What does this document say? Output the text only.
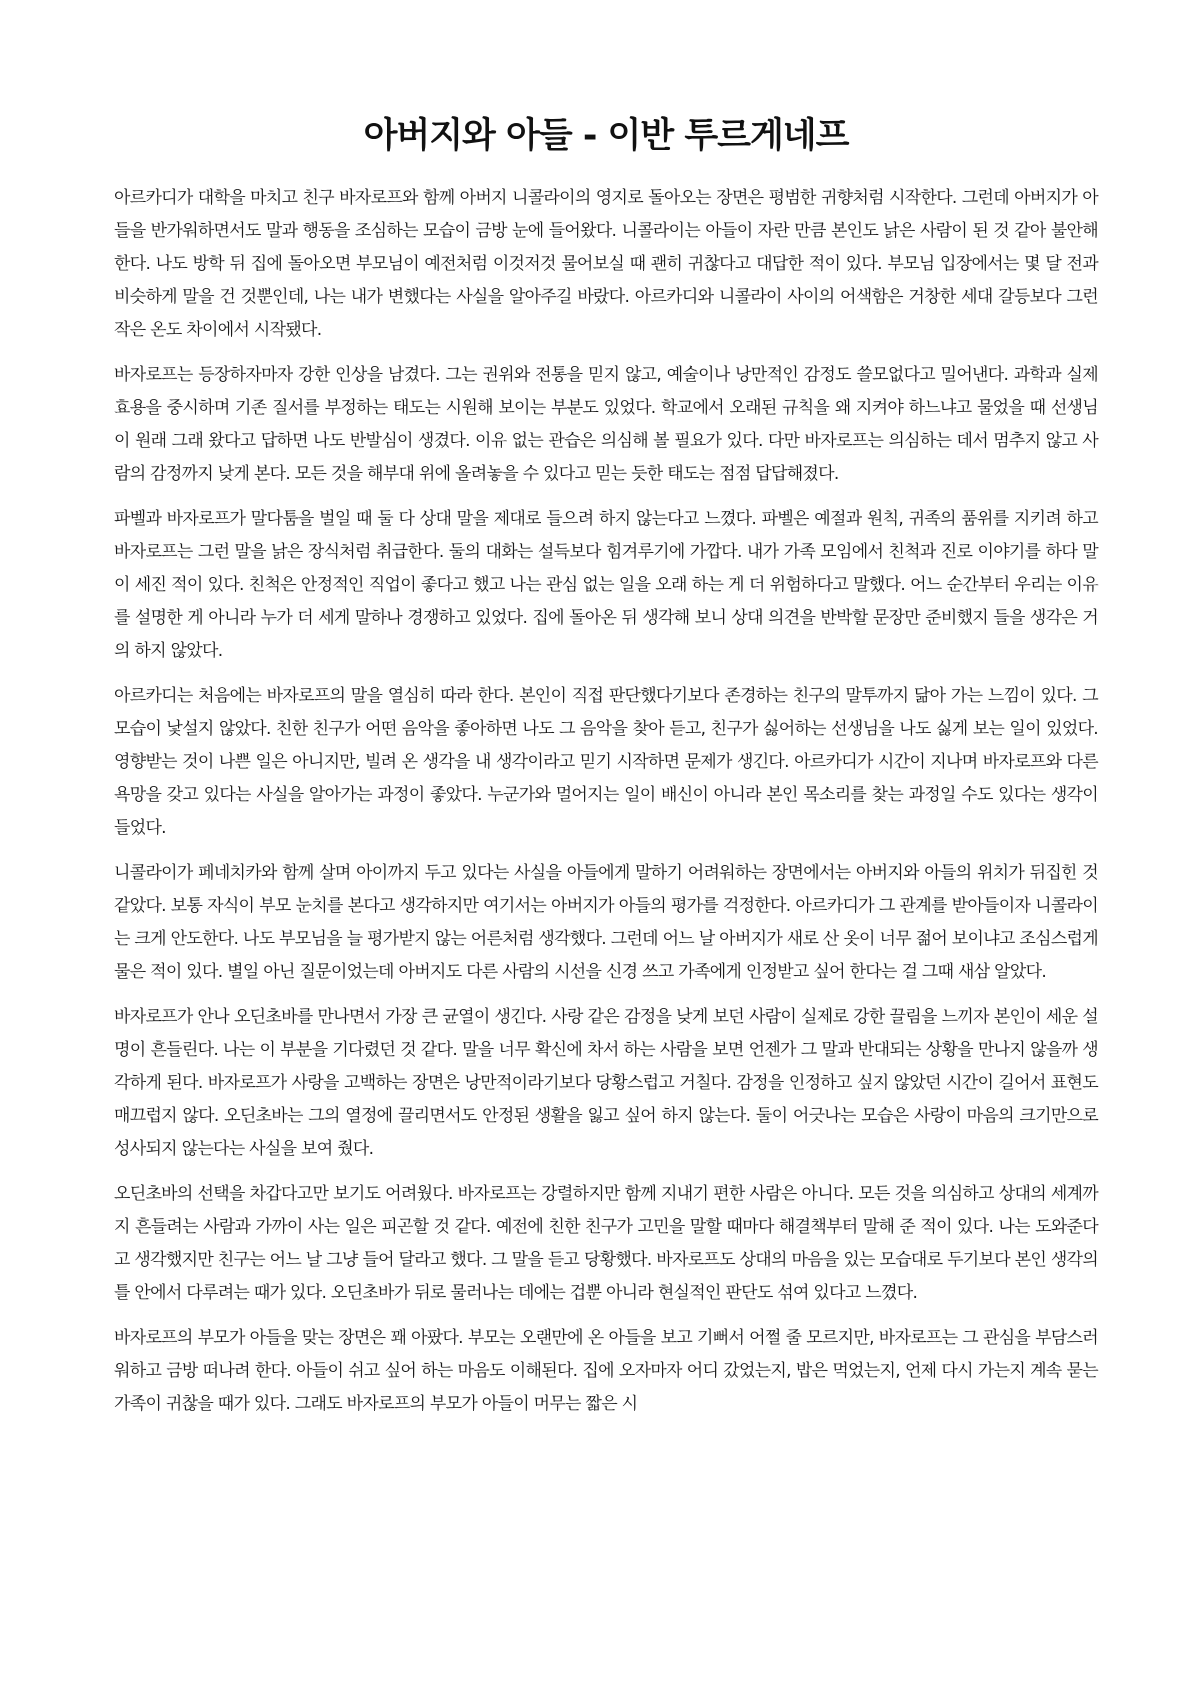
아버지와 아들 - 이반 투르게네프

아르카디가 대학을 마치고 친구 바자로프와 함께 아버지 니콜라이의 영지로 돌아오는 장면은 평범한 귀향처럼 시작한다. 그런데 아버지가 아들을 반가워하면서도 말과 행동을 조심하는 모습이 금방 눈에 들어왔다. 니콜라이는 아들이 자란 만큼 본인도 낡은 사람이 된 것 같아 불안해한다. 나도 방학 뒤 집에 돌아오면 부모님이 예전처럼 이것저것 물어보실 때 괜히 귀찮다고 대답한 적이 있다. 부모님 입장에서는 몇 달 전과 비슷하게 말을 건 것뿐인데, 나는 내가 변했다는 사실을 알아주길 바랐다. 아르카디와 니콜라이 사이의 어색함은 거창한 세대 갈등보다 그런 작은 온도 차이에서 시작됐다.

바자로프는 등장하자마자 강한 인상을 남겼다. 그는 권위와 전통을 믿지 않고, 예술이나 낭만적인 감정도 쓸모없다고 밀어낸다. 과학과 실제 효용을 중시하며 기존 질서를 부정하는 태도는 시원해 보이는 부분도 있었다. 학교에서 오래된 규칙을 왜 지켜야 하느냐고 물었을 때 선생님이 원래 그래 왔다고 답하면 나도 반발심이 생겼다. 이유 없는 관습은 의심해 볼 필요가 있다. 다만 바자로프는 의심하는 데서 멈추지 않고 사람의 감정까지 낮게 본다. 모든 것을 해부대 위에 올려놓을 수 있다고 믿는 듯한 태도는 점점 답답해졌다.

파벨과 바자로프가 말다툼을 벌일 때 둘 다 상대 말을 제대로 들으려 하지 않는다고 느꼈다. 파벨은 예절과 원칙, 귀족의 품위를 지키려 하고 바자로프는 그런 말을 낡은 장식처럼 취급한다. 둘의 대화는 설득보다 힘겨루기에 가깝다. 내가 가족 모임에서 친척과 진로 이야기를 하다 말이 세진 적이 있다. 친척은 안정적인 직업이 좋다고 했고 나는 관심 없는 일을 오래 하는 게 더 위험하다고 말했다. 어느 순간부터 우리는 이유를 설명한 게 아니라 누가 더 세게 말하나 경쟁하고 있었다. 집에 돌아온 뒤 생각해 보니 상대 의견을 반박할 문장만 준비했지 들을 생각은 거의 하지 않았다.

아르카디는 처음에는 바자로프의 말을 열심히 따라 한다. 본인이 직접 판단했다기보다 존경하는 친구의 말투까지 닮아 가는 느낌이 있다. 그 모습이 낯설지 않았다. 친한 친구가 어떤 음악을 좋아하면 나도 그 음악을 찾아 듣고, 친구가 싫어하는 선생님을 나도 싫게 보는 일이 있었다. 영향받는 것이 나쁜 일은 아니지만, 빌려 온 생각을 내 생각이라고 믿기 시작하면 문제가 생긴다. 아르카디가 시간이 지나며 바자로프와 다른 욕망을 갖고 있다는 사실을 알아가는 과정이 좋았다. 누군가와 멀어지는 일이 배신이 아니라 본인 목소리를 찾는 과정일 수도 있다는 생각이 들었다.

니콜라이가 페네치카와 함께 살며 아이까지 두고 있다는 사실을 아들에게 말하기 어려워하는 장면에서는 아버지와 아들의 위치가 뒤집힌 것 같았다. 보통 자식이 부모 눈치를 본다고 생각하지만 여기서는 아버지가 아들의 평가를 걱정한다. 아르카디가 그 관계를 받아들이자 니콜라이는 크게 안도한다. 나도 부모님을 늘 평가받지 않는 어른처럼 생각했다. 그런데 어느 날 아버지가 새로 산 옷이 너무 젊어 보이냐고 조심스럽게 물은 적이 있다. 별일 아닌 질문이었는데 아버지도 다른 사람의 시선을 신경 쓰고 가족에게 인정받고 싶어 한다는 걸 그때 새삼 알았다.

바자로프가 안나 오딘초바를 만나면서 가장 큰 균열이 생긴다. 사랑 같은 감정을 낮게 보던 사람이 실제로 강한 끌림을 느끼자 본인이 세운 설명이 흔들린다. 나는 이 부분을 기다렸던 것 같다. 말을 너무 확신에 차서 하는 사람을 보면 언젠가 그 말과 반대되는 상황을 만나지 않을까 생각하게 된다. 바자로프가 사랑을 고백하는 장면은 낭만적이라기보다 당황스럽고 거칠다. 감정을 인정하고 싶지 않았던 시간이 길어서 표현도 매끄럽지 않다. 오딘초바는 그의 열정에 끌리면서도 안정된 생활을 잃고 싶어 하지 않는다. 둘이 어긋나는 모습은 사랑이 마음의 크기만으로 성사되지 않는다는 사실을 보여 줬다.

오딘초바의 선택을 차갑다고만 보기도 어려웠다. 바자로프는 강렬하지만 함께 지내기 편한 사람은 아니다. 모든 것을 의심하고 상대의 세계까지 흔들려는 사람과 가까이 사는 일은 피곤할 것 같다. 예전에 친한 친구가 고민을 말할 때마다 해결책부터 말해 준 적이 있다. 나는 도와준다고 생각했지만 친구는 어느 날 그냥 들어 달라고 했다. 그 말을 듣고 당황했다. 바자로프도 상대의 마음을 있는 모습대로 두기보다 본인 생각의 틀 안에서 다루려는 때가 있다. 오딘초바가 뒤로 물러나는 데에는 겁뿐 아니라 현실적인 판단도 섞여 있다고 느꼈다.

바자로프의 부모가 아들을 맞는 장면은 꽤 아팠다. 부모는 오랜만에 온 아들을 보고 기뻐서 어쩔 줄 모르지만, 바자로프는 그 관심을 부담스러워하고 금방 떠나려 한다. 아들이 쉬고 싶어 하는 마음도 이해된다. 집에 오자마자 어디 갔었는지, 밥은 먹었는지, 언제 다시 가는지 계속 묻는 가족이 귀찮을 때가 있다. 그래도 바자로프의 부모가 아들이 머무는 짧은 시
